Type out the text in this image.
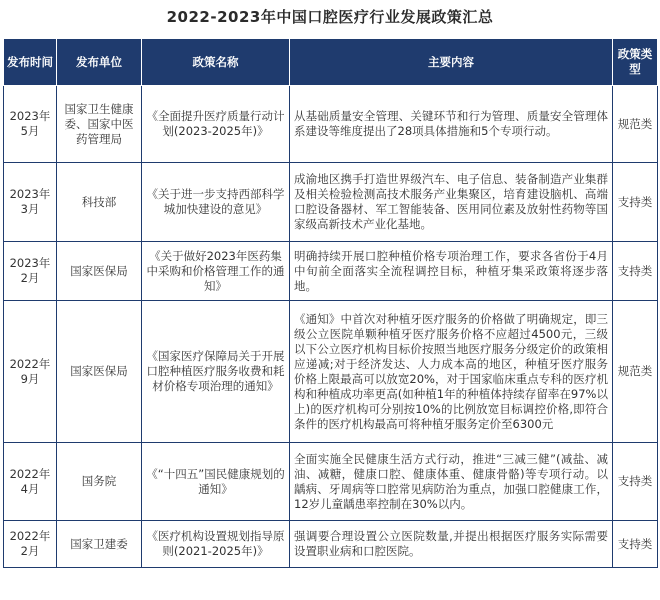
2022-2023年中国口腔医疗行业发展政策汇总
发布时间	发布单位	政策名称	主要内容	政策类型
2023年5月	国家卫生健康委、国家中医药管理局	《全面提升医疗质量行动计划(2023-2025年)》	从基础质量安全管理、关键环节和行为管理、质量安全管理体系建设等维度提出了28项具体措施和5个专项行动。	规范类
2023年3月	科技部	《关于进一步支持西部科学城加快建设的意见》	成渝地区携手打造世界级汽车、电子信息、装备制造产业集群及相关检验检测高技术服务产业集聚区，培育建设脑机、高端口腔设备器材、军工智能装备、医用同位素及放射性药物等国家级高新技术产业化基地。	支持类
2023年2月	国家医保局	《关于做好2023年医药集中采购和价格管理工作的通知》	明确持续开展口腔种植价格专项治理工作，要求各省份于4月中旬前全面落实全流程调控目标，种植牙集采政策将逐步落地。	支持类
2022年9月	国家医保局	《国家医疗保障局关于开展口腔种植医疗服务收费和耗材价格专项治理的通知》	《通知》中首次对种植牙医疗服务的价格做了明确规定，即三级公立医院单颗种植牙医疗服务价格不应超过4500元，三级以下公立医疗机构目标价按照当地医疗服务分级定价的政策相应递减;对于经济发达、人力成本高的地区，种植牙医疗服务价格上限最高可以放宽20%，对于国家临床重点专科的医疗机构和种植成功率更高(如种植1年的种植体持续存留率在97%以上)的医疗机构可分别按10%的比例放宽目标调控价格,即符合条件的医疗机构最高可将种植牙服务定价至6300元	规范类
2022年4月	国务院	《“十四五”国民健康规划的通知》	全面实施全民健康生活方式行动，推进“三减三健”(减盐、减油、减糖，健康口腔、健康体重、健康骨骼)等专项行动。以龋病、牙周病等口腔常见病防治为重点，加强口腔健康工作，12岁儿童龋患率控制在30%以内。	支持类
2022年2月	国家卫建委	《医疗机构设置规划指导原则(2021-2025年)》	强调要合理设置公立医院数量,并提出根据医疗服务实际需要设置职业病和口腔医院。	支持类
